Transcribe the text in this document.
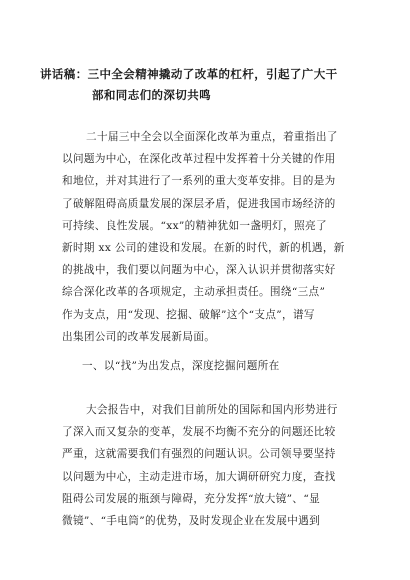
讲话稿：三中全会精神撬动了改革的杠杆，引起了广大干
部和同志们的深切共鸣
二十届三中全会以全面深化改革为重点，着重指出了
以问题为中心，在深化改革过程中发挥着十分关键的作用
和地位，并对其进行了一系列的重大变革安排。目的是为
了破解阻碍高质量发展的深层矛盾，促进我国市场经济的
可持续、良性发展。“xx”的精神犹如一盏明灯，照亮了
新时期 xx 公司的建设和发展。在新的时代，新的机遇，新
的挑战中，我们要以问题为中心，深入认识并贯彻落实好
综合深化改革的各项规定，主动承担责任。围绕“三点”
作为支点，用“发现、挖掘、破解”这个“支点”，谱写
出集团公司的改革发展新局面。
一、以“找”为出发点，深度挖掘问题所在
大会报告中，对我们目前所处的国际和国内形势进行
了深入而又复杂的变革，发展不均衡不充分的问题还比较
严重，这就需要我们有强烈的问题认识。公司领导要坚持
以问题为中心，主动走进市场，加大调研研究力度，查找
阻碍公司发展的瓶颈与障碍，充分发挥“放大镜”、“显
微镜”、“手电筒”的优势，及时发现企业在发展中遇到
